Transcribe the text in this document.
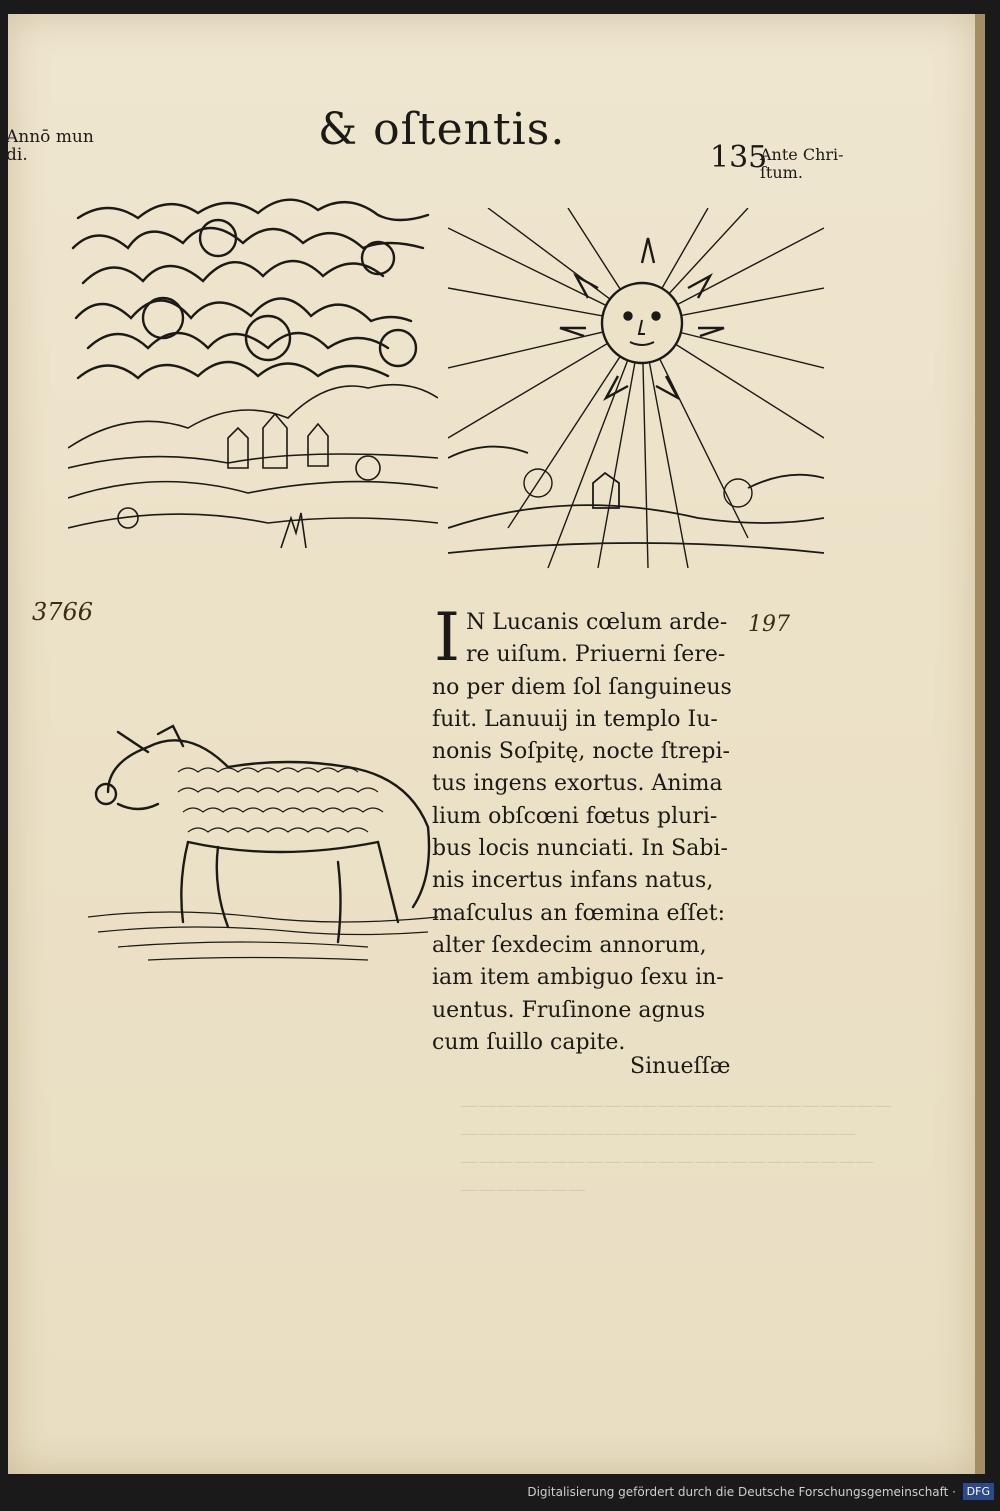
————————————————————————
——————————————————————
———————————————————————
———————
Annō mun di.	& oſtentis.
135
Ante Chri- ſtum.
3766	197
I N Lucanis cœlum arde-
re uiſum. Priuerni ſere-
no per diem ſol ſanguineus
fuit. Lanuuij in templo Iu-
nonis Soſpitę, nocte ſtrepi-
tus ingens exortus. Anima
lium obſcœni fœtus pluri-
bus locis nunciati. In Sabi-
nis incertus infans natus,
maſculus an fœmina eſſet:
alter ſexdecim annorum,
iam item ambiguo ſexu in-
uentus. Fruſinone agnus
cum ſuillo capite.
Sinueſſæ
Digitalisierung gefördert durch die Deutsche Forschungsgemeinschaft · DFG
